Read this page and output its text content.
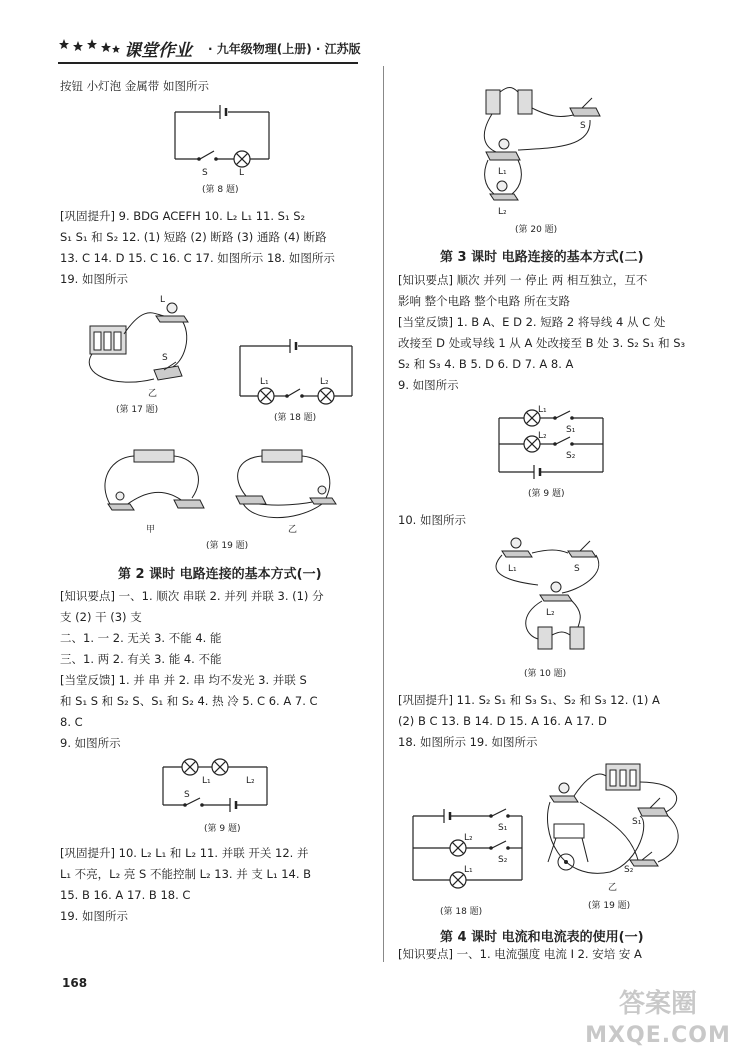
课堂作业 · 九年级物理(上册) · 江苏版

按钮 小灯泡 金属带 如图所示

S	L
(第 8 题)

[巩固提升] 9. BDG ACEFH 10. L₂ L₁ 11. S₁ S₂

S₁ S₁ 和 S₂ 12. (1) 短路 (2) 断路 (3) 通路 (4) 断路

13. C 14. D 15. C 16. C 17. 如图所示 18. 如图所示

19. 如图所示

L
S
乙
(第 17 题)
L₁	L₂
(第 18 题)
甲	乙
(第 19 题)
第 2 课时 电路连接的基本方式(一)

[知识要点] 一、1. 顺次 串联 2. 并列 并联 3. (1) 分

支 (2) 干 (3) 支

二、1. 一 2. 无关 3. 不能 4. 能

三、1. 两 2. 有关 3. 能 4. 不能

[当堂反馈] 1. 并 串 并 2. 串 均不发光 3. 并联 S

和 S₁ S 和 S₂ S、S₁ 和 S₂ 4. 热 冷 5. C 6. A 7. C

8. C

9. 如图所示

L₁	L₂
S
(第 9 题)

[巩固提升] 10. L₂ L₁ 和 L₂ 11. 并联 开关 12. 并

L₁ 不亮，L₂ 亮 S 不能控制 L₂ 13. 并 支 L₁ 14. B

15. B 16. A 17. B 18. C

19. 如图所示

168
S
L₁
L₂
(第 20 题)
第 3 课时 电路连接的基本方式(二)

[知识要点] 顺次 并列 一 停止 两 相互独立，互不

影响 整个电路 整个电路 所在支路

[当堂反馈] 1. B A、E D 2. 短路 2 将导线 4 从 C 处

改接至 D 处或导线 1 从 A 处改接至 B 处 3. S₂ S₁ 和 S₃

S₂ 和 S₃ 4. B 5. D 6. D 7. A 8. A

9. 如图所示

L₁
L₂
S₁
S₂
(第 9 题)

10. 如图所示

L₁	S
L₂
(第 10 题)

[巩固提升] 11. S₂ S₁ 和 S₃ S₁、S₂ 和 S₃ 12. (1) A

(2) B C 13. B 14. D 15. A 16. A 17. D

18. 如图所示 19. 如图所示

S₁
L₂
S₂
L₁
(第 18 题)
S₁
S₂
乙
(第 19 题)
第 4 课时 电流和电流表的使用(一)

[知识要点] 一、1. 电流强度 电流 I 2. 安培 安 A

答案圈
MXQE.COM
